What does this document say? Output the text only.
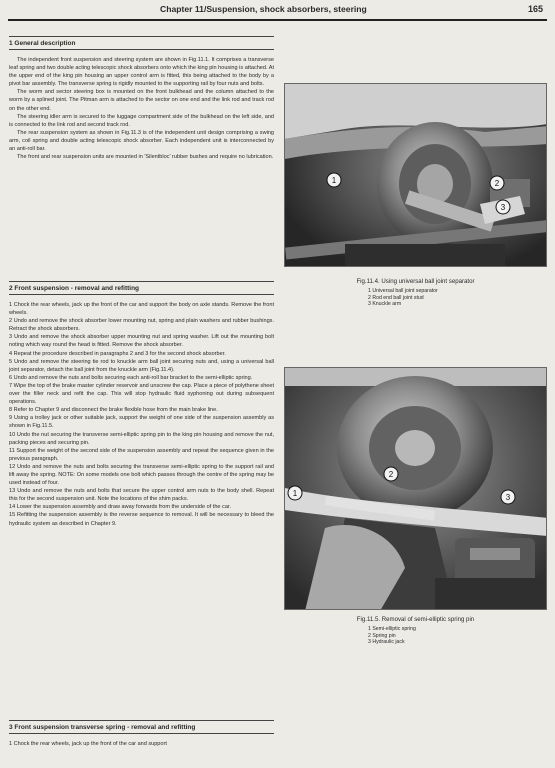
Chapter 11/Suspension, shock absorbers, steering	165
1 General description

The independent front suspension and steering system are shown in Fig.11.1. It comprises a transverse leaf spring and two double acting telescopic shock absorbers onto which the king pin housing is attached. At the upper end of the king pin housing an upper control arm is fitted, this being attached to the body by a pivot bar assembly. The transverse spring is rigidly mounted to the supporting rail by four nuts and bolts.

The worm and sector steering box is mounted on the front bulkhead and the column attached to the worm by a splined joint. The Pitman arm is attached to the sector on one end and the link rod and track rod on the other end.

The steering idler arm is secured to the luggage compartment side of the bulkhead on the left side, and is connected to the link rod and second track rod.

The rear suspension system as shown in Fig.11.3 is of the independent unit design comprising a swing arm, coil spring and double acting telescopic shock absorber. Each independent unit is interconnected by an anti-roll bar.

The front and rear suspension units are mounted in 'Silentbloc' rubber bushes and require no lubrication.

2 Front suspension - removal and refitting

1 Chock the rear wheels, jack up the front of the car and support the body on axle stands. Remove the front wheels.

2 Undo and remove the shock absorber lower mounting nut, spring and plain washers and rubber bushings. Retract the shock absorbers.

3 Undo and remove the shock absorber upper mounting nut and spring washer. Lift out the mounting bolt noting which way round the head is fitted. Remove the shock absorber.

4 Repeat the procedure described in paragraphs 2 and 3 for the second shock absorber.

5 Undo and remove the steering tie rod to knuckle arm ball joint securing nuts and, using a universal ball joint separator, detach the ball joint from the knuckle arm (Fig.11.4).

6 Undo and remove the nuts and bolts securing each anti-roll bar bracket to the semi-elliptic spring.

7 Wipe the top of the brake master cylinder reservoir and unscrew the cap. Place a piece of polythene sheet over the filler neck and refit the cap. This will stop hydraulic fluid syphoning out during subsequent operations.

8 Refer to Chapter 9 and disconnect the brake flexible hose from the main brake line.

9 Using a trolley jack or other suitable jack, support the weight of one side of the suspension assembly as shown in Fig.11.5.

10 Undo the nut securing the transverse semi-elliptic spring pin to the king pin housing and remove the nut, packing pieces and securing pin.

11 Support the weight of the second side of the suspension assembly and repeat the sequence given in the previous paragraph.

12 Undo and remove the nuts and bolts securing the transverse semi-elliptic spring to the support rail and lift away the spring. NOTE: On some models one bolt which passes through the centre of the spring may be used instead of four.

13 Undo and remove the nuts and bolts that secure the upper control arm nuts to the body shell. Repeat this for the second suspension unit. Note the locations of the shim packs.

14 Lower the suspension assembly and draw away forwards from the underside of the car.

15 Refitting the suspension assembly is the reverse sequence to removal. It will be necessary to bleed the hydraulic system as described in Chapter 9.

3 Front suspension transverse spring - removal and refitting

1 Chock the rear wheels, jack up the front of the car and support

1	2
3
Fig.11.4. Using universal ball joint separator
1 Universal ball joint separator
2 Rod end ball joint stud
3 Knuckle arm
1
2
3
Fig.11.5. Removal of semi-elliptic spring pin
1 Semi-elliptic spring
2 Spring pin
3 Hydraulic jack
